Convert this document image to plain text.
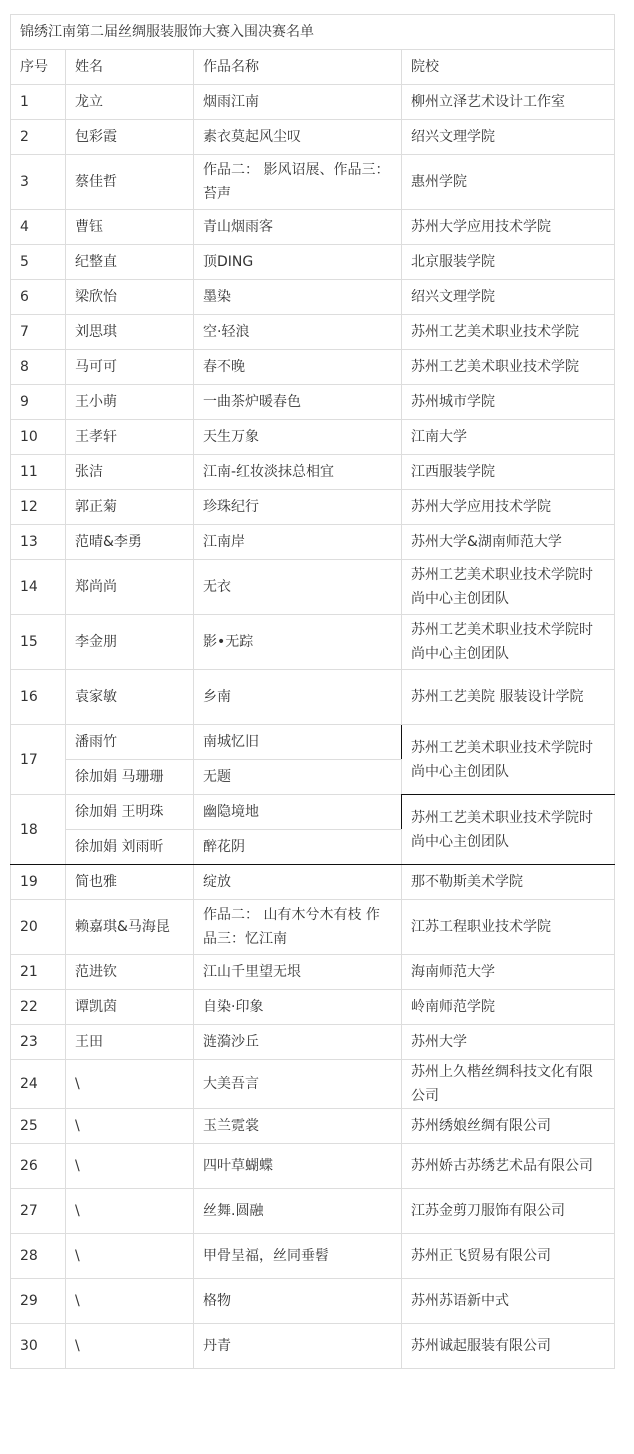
锦绣江南第二届丝绸服装服饰大赛入围决赛名单			
序号	姓名	作品名称	院校
1	龙立	烟雨江南	柳州立泽艺术设计工作室
2	包彩霞	素衣莫起风尘叹	绍兴文理学院
3	蔡佳哲	作品二： 影风诏展、作品三： 苔声	惠州学院
4	曹钰	青山烟雨客	苏州大学应用技术学院
5	纪整直	顶DING	北京服装学院
6	梁欣怡	墨染	绍兴文理学院
7	刘思琪	空·轻浪	苏州工艺美术职业技术学院
8	马可可	春不晚	苏州工艺美术职业技术学院
9	王小萌	一曲茶炉暖春色	苏州城市学院
10	王孝轩	天生万象	江南大学
11	张洁	江南-红妆淡抹总相宜	江西服装学院
12	郭正菊	珍珠纪行	苏州大学应用技术学院
13	范晴&李勇	江南岸	苏州大学&湖南师范大学
14	郑尚尚	无衣	苏州工艺美术职业技术学院时尚中心主创团队
15	李金朋	影•无踪	苏州工艺美术职业技术学院时尚中心主创团队
16	袁家敏	乡南	苏州工艺美院 服装设计学院
17	潘雨竹	南城忆旧	苏州工艺美术职业技术学院时尚中心主创团队
	徐加娟 马珊珊	无题	
18	徐加娟 王明珠	幽隐境地	苏州工艺美术职业技术学院时尚中心主创团队
	徐加娟 刘雨昕	醉花阴	
19	简也雅	绽放	那不勒斯美术学院
20	赖嘉琪&马海昆	作品二： 山有木兮木有枝 作品三：忆江南	江苏工程职业技术学院
21	范进钦	江山千里望无垠	海南师范大学
22	谭凯茵	自染·印象	岭南师范学院
23	王田	涟漪沙丘	苏州大学
24	\	大美吾言	苏州上久楷丝绸科技文化有限公司
25	\	玉兰霓裳	苏州绣娘丝绸有限公司
26	\	四叶草蝴蝶	苏州娇古苏绣艺术品有限公司
27	\	丝舞.圆融	江苏金剪刀服饰有限公司
28	\	甲骨呈福，丝同垂髫	苏州正飞贸易有限公司
29	\	格物	苏州苏语新中式
30	\	丹青	苏州诚起服装有限公司
